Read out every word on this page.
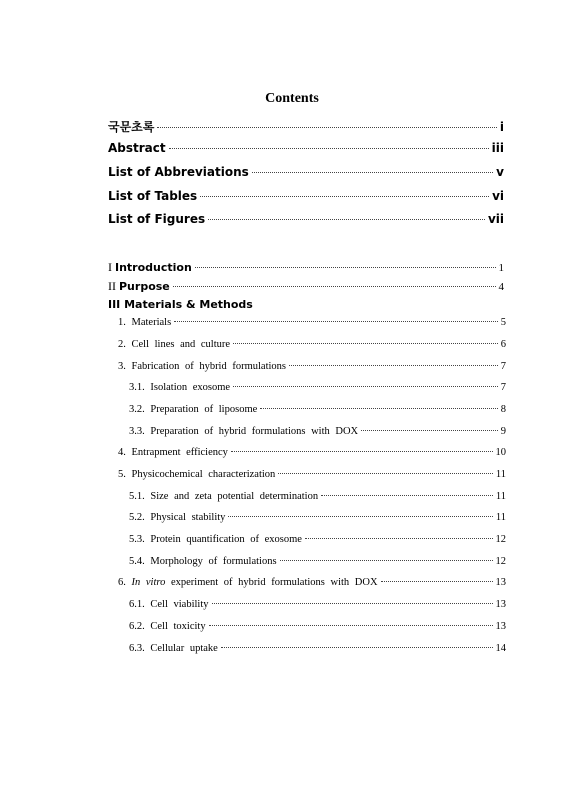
Contents
국문초록	i
Abstract	iii
List of Abbreviations	v
List of Tables	vi
List of Figures	vii
I Introduction	1
II Purpose	4
III Materials & Methods
1. Materials	5
2. Cell lines and culture	6
3. Fabrication of hybrid formulations	7
3.1. Isolation exosome	7
3.2. Preparation of liposome	8
3.3. Preparation of hybrid formulations with DOX	9
4. Entrapment efficiency	10
5. Physicochemical characterization	11
5.1. Size and zeta potential determination	11
5.2. Physical stability	11
5.3. Protein quantification of exosome	12
5.4. Morphology of formulations	12
6. In vitro experiment of hybrid formulations with DOX	13
6.1. Cell viability	13
6.2. Cell toxicity	13
6.3. Cellular uptake	14
